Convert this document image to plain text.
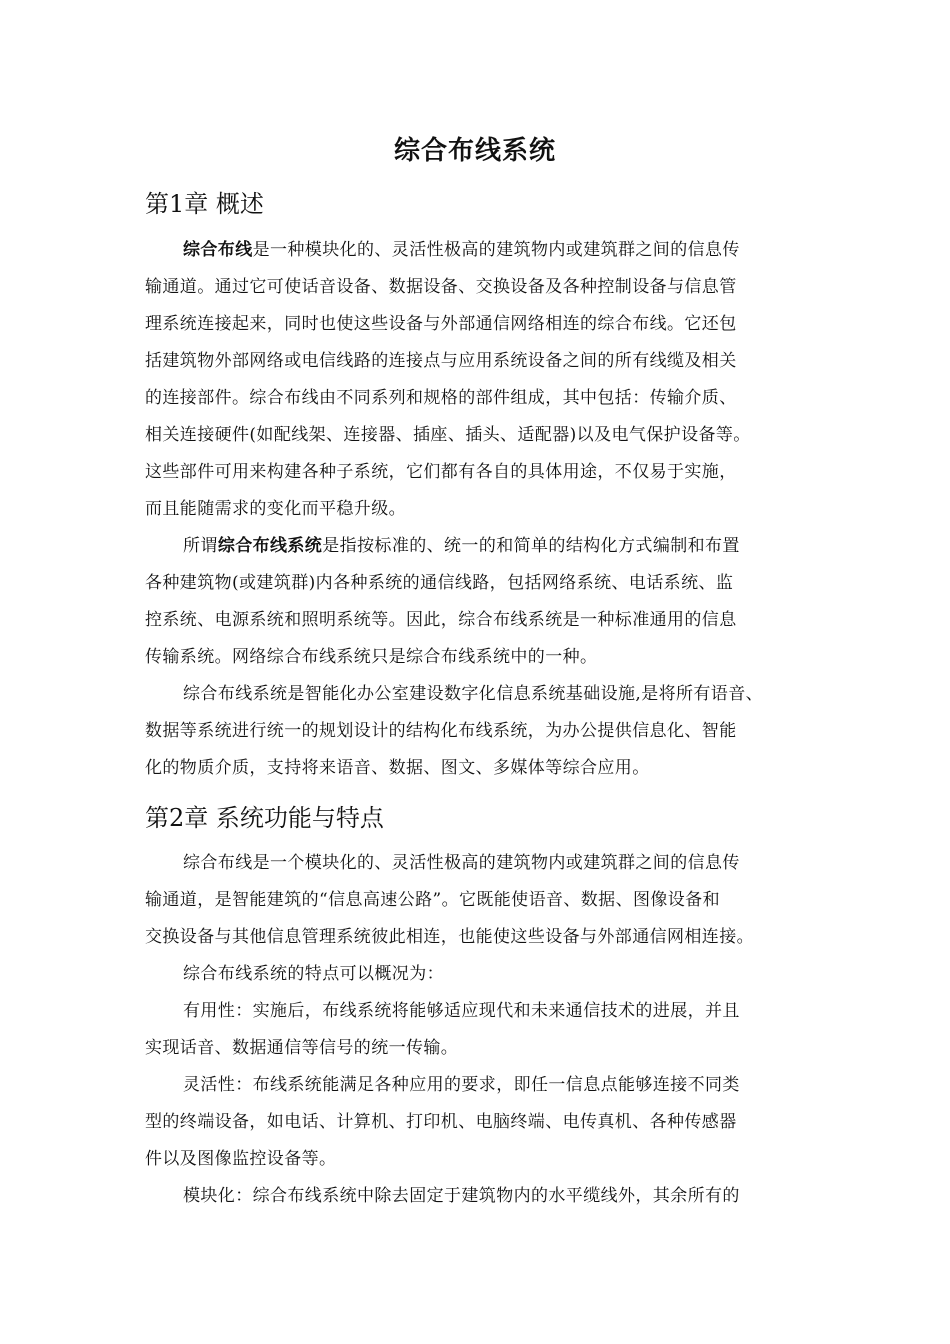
综合布线系统
第1章 概述
综合布线是一种模块化的、灵活性极高的建筑物内或建筑群之间的信息传
输通道。通过它可使话音设备、数据设备、交换设备及各种控制设备与信息管
理系统连接起来，同时也使这些设备与外部通信网络相连的综合布线。它还包
括建筑物外部网络或电信线路的连接点与应用系统设备之间的所有线缆及相关
的连接部件。综合布线由不同系列和规格的部件组成，其中包括：传输介质、
相关连接硬件(如配线架、连接器、插座、插头、适配器)以及电气保护设备等。
这些部件可用来构建各种子系统，它们都有各自的具体用途，不仅易于实施，
而且能随需求的变化而平稳升级。
所谓综合布线系统是指按标准的、统一的和简单的结构化方式编制和布置
各种建筑物(或建筑群)内各种系统的通信线路，包括网络系统、电话系统、监
控系统、电源系统和照明系统等。因此，综合布线系统是一种标准通用的信息
传输系统。网络综合布线系统只是综合布线系统中的一种。
综合布线系统是智能化办公室建设数字化信息系统基础设施,是将所有语音、
数据等系统进行统一的规划设计的结构化布线系统，为办公提供信息化、智能
化的物质介质，支持将来语音、数据、图文、多媒体等综合应用。
第2章 系统功能与特点
综合布线是一个模块化的、灵活性极高的建筑物内或建筑群之间的信息传
输通道，是智能建筑的“信息高速公路”。它既能使语音、数据、图像设备和
交换设备与其他信息管理系统彼此相连，也能使这些设备与外部通信网相连接。
综合布线系统的特点可以概况为：
有用性：实施后，布线系统将能够适应现代和未来通信技术的进展，并且
实现话音、数据通信等信号的统一传输。
灵活性：布线系统能满足各种应用的要求，即任一信息点能够连接不同类
型的终端设备，如电话、计算机、打印机、电脑终端、电传真机、各种传感器
件以及图像监控设备等。
模块化：综合布线系统中除去固定于建筑物内的水平缆线外，其余所有的
